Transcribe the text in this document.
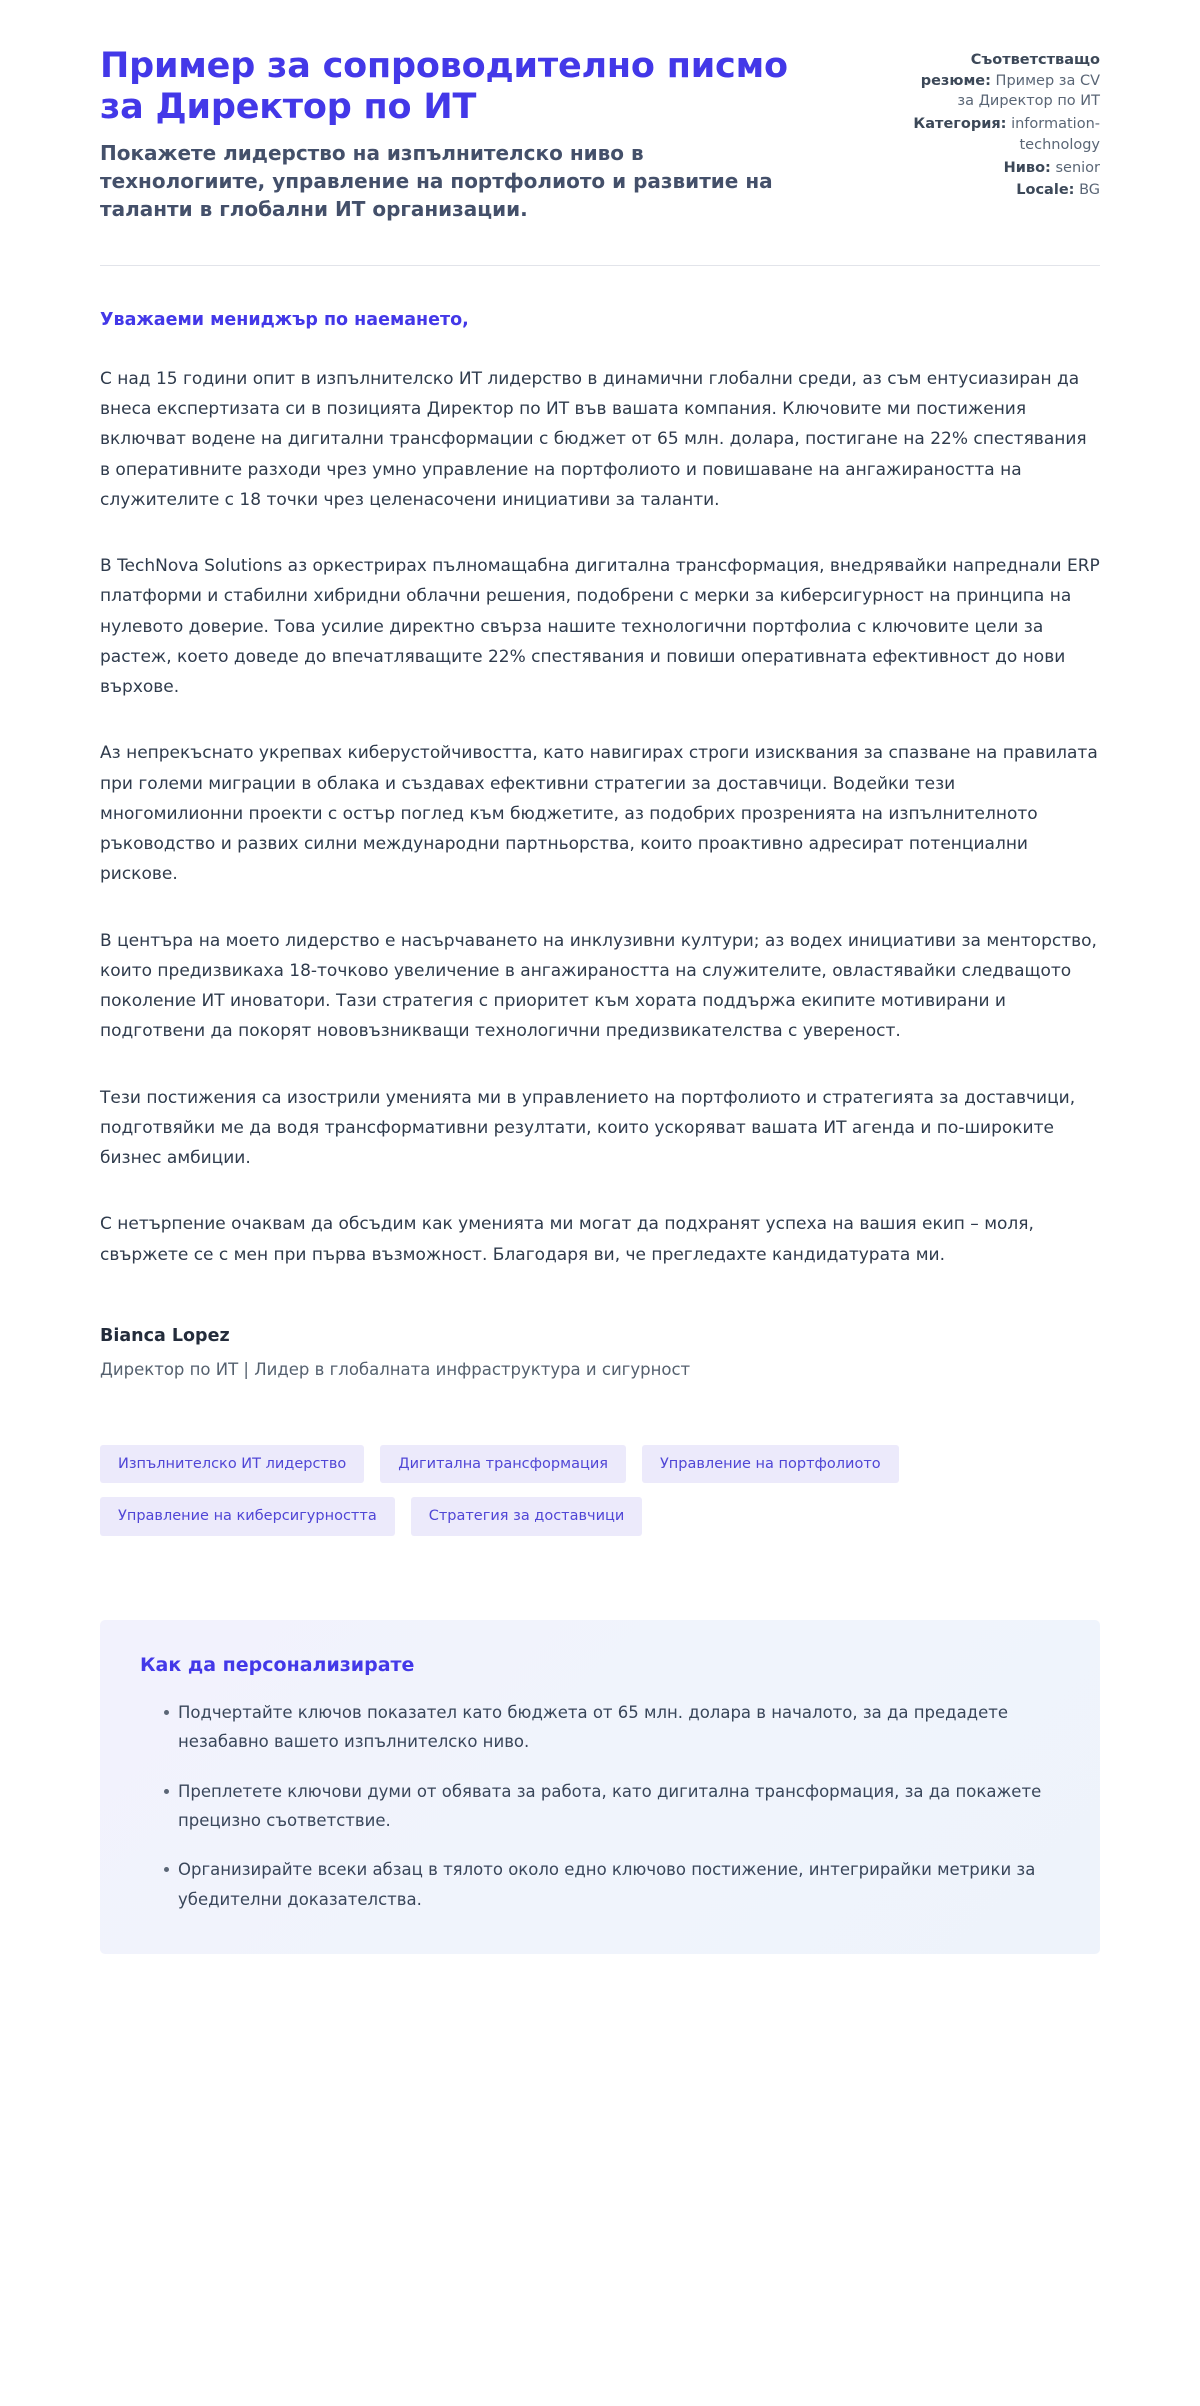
Пример за сопроводително писмо за Директор по ИТ

Покажете лидерство на изпълнителско ниво в технологиите, управление на портфолиото и развитие на таланти в глобални ИТ организации.

Съответстващо резюме: Пример за CV за Директор по ИТ
Категория: information-technology
Ниво: senior
Locale: BG

Уважаеми мениджър по наемането,

С над 15 години опит в изпълнителско ИТ лидерство в динамични глобални среди, аз съм ентусиазиран да внеса експертизата си в позицията Директор по ИТ във вашата компания. Ключовите ми постижения включват водене на дигитални трансформации с бюджет от 65 млн. долара, постигане на 22% спестявания в оперативните разходи чрез умно управление на портфолиото и повишаване на ангажираността на служителите с 18 точки чрез целенасочени инициативи за таланти.

В TechNova Solutions аз оркестрирах пълномащабна дигитална трансформация, внедрявайки напреднали ERP платформи и стабилни хибридни облачни решения, подобрени с мерки за киберсигурност на принципа на нулевото доверие. Това усилие директно свърза нашите технологични портфолиа с ключовите цели за растеж, което доведе до впечатляващите 22% спестявания и повиши оперативната ефективност до нови върхове.

Аз непрекъснато укрепвах киберустойчивостта, като навигирах строги изисквания за спазване на правилата при големи миграции в облака и създавах ефективни стратегии за доставчици. Водейки тези многомилионни проекти с остър поглед към бюджетите, аз подобрих прозренията на изпълнителното ръководство и развих силни международни партньорства, които проактивно адресират потенциални рискове.

В центъра на моето лидерство е насърчаването на инклузивни култури; аз водех инициативи за менторство, които предизвикаха 18-точково увеличение в ангажираността на служителите, овластявайки следващото поколение ИТ иноватори. Тази стратегия с приоритет към хората поддържа екипите мотивирани и подготвени да покорят нововъзникващи технологични предизвикателства с увереност.

Тези постижения са изострили уменията ми в управлението на портфолиото и стратегията за доставчици, подготвяйки ме да водя трансформативни резултати, които ускоряват вашата ИТ агенда и по-широките бизнес амбиции.

С нетърпение очаквам да обсъдим как уменията ми могат да подхранят успеха на вашия екип – моля, свържете се с мен при първа възможност. Благодаря ви, че прегледахте кандидатурата ми.

Bianca Lopez

Директор по ИТ | Лидер в глобалната инфраструктура и сигурност

Изпълнителско ИТ лидерство	Дигитална трансформация	Управление на портфолиото
Управление на киберсигурността	Стратегия за доставчици
Как да персонализирате
Подчертайте ключов показател като бюджета от 65 млн. долара в началото, за да предадете незабавно вашето изпълнителско ниво.
Преплетете ключови думи от обявата за работа, като дигитална трансформация, за да покажете прецизно съответствие.
Организирайте всеки абзац в тялото около едно ключово постижение, интегрирайки метрики за убедителни доказателства.
